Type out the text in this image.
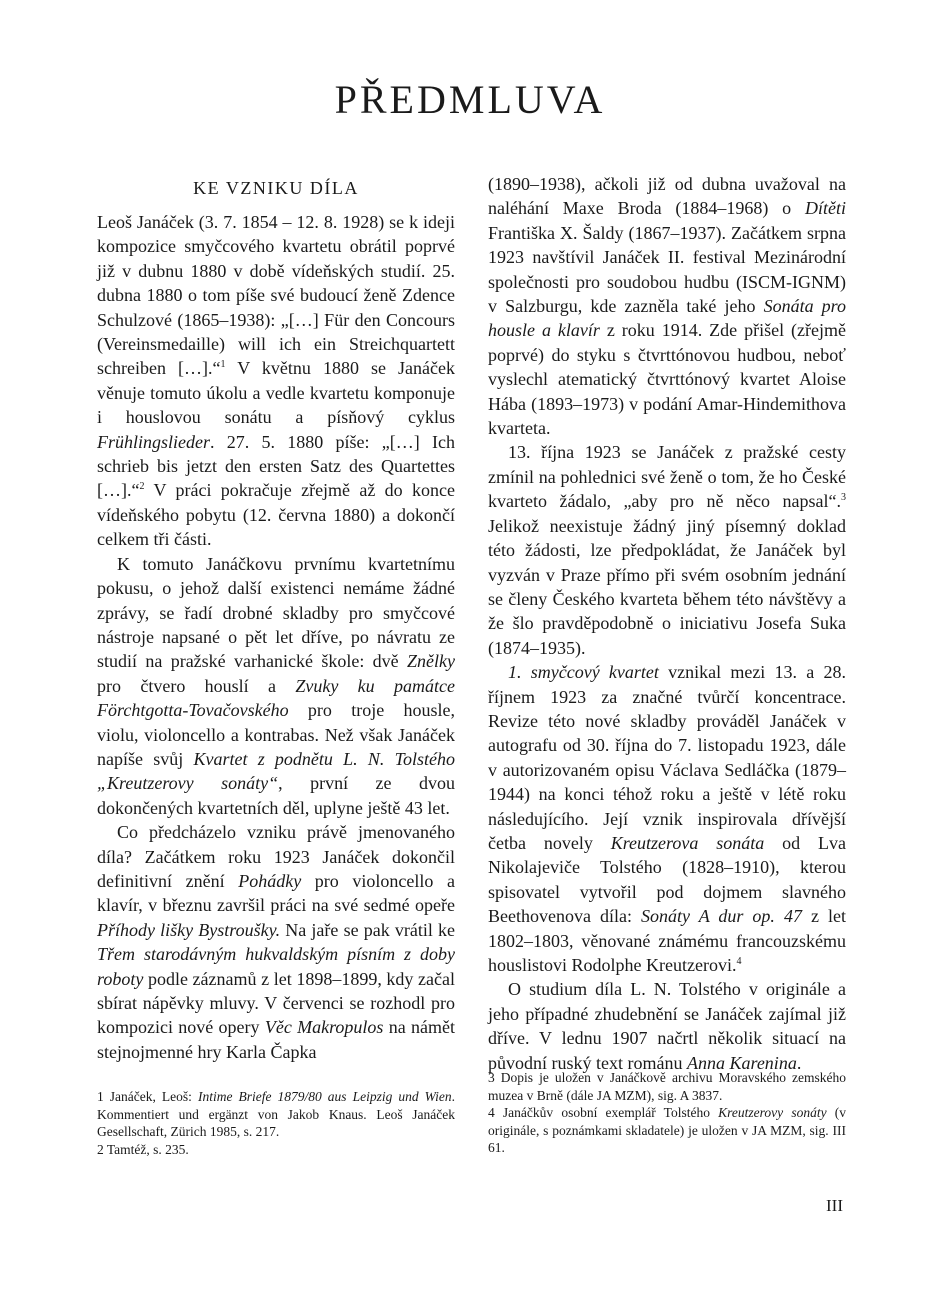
PŘEDMLUVA
KE VZNIKU DÍLA

Leoš Janáček (3. 7. 1854 – 12. 8. 1928) se k ideji kompozice smyčcového kvartetu obrátil poprvé již v dubnu 1880 v době vídeňských studií. 25. dubna 1880 o tom píše své budoucí ženě Zdence Schulzové (1865–1938): „[…] Für den Concours (Vereinsmedaille) will ich ein Streichquartett schreiben […].“$^1$ V květnu 1880 se Janáček věnuje tomuto úkolu a vedle kvartetu komponuje i houslovou sonátu a písňový cyklus Frühlingslieder. 27. 5. 1880 píše: „[…] Ich schrieb bis jetzt den ersten Satz des Quartettes […].“$^2$ V práci pokračuje zřejmě až do konce vídeňského pobytu (12. června 1880) a dokončí celkem tři části.

K tomuto Janáčkovu prvnímu kvartetnímu pokusu, o jehož další existenci nemáme žádné zprávy, se řadí drobné skladby pro smyčcové nástroje napsané o pět let dříve, po návratu ze studií na pražské varhanické škole: dvě Znělky pro čtvero houslí a Zvuky ku památce Förchtgotta-Tovačovského pro troje housle, violu, violoncello a kontrabas. Než však Janáček napíše svůj Kvartet z podnětu L. N. Tolstého „Kreutzerovy sonáty“, první ze dvou dokončených kvartetních děl, uplyne ještě 43 let.

Co předcházelo vzniku právě jmenovaného díla? Začátkem roku 1923 Janáček dokončil definitivní znění Pohádky pro violoncello a klavír, v březnu završil práci na své sedmé opeře Příhody lišky Bystroušky. Na jaře se pak vrátil ke Třem starodávným hukvaldským písním z doby roboty podle záznamů z let 1898–1899, kdy začal sbírat nápěvky mluvy. V červenci se rozhodl pro kompozici nové opery Věc Makropulos na námět stejnojmenné hry Karla Čapka

(1890–1938), ačkoli již od dubna uvažoval na naléhání Maxe Broda (1884–1968) o Dítěti Františka X. Šaldy (1867–1937). Začátkem srpna 1923 navštívil Janáček II. festival Mezinárodní společnosti pro soudobou hudbu (ISCM-IGNM) v Salzburgu, kde zazněla také jeho Sonáta pro housle a klavír z roku 1914. Zde přišel (zřejmě poprvé) do styku s čtvrttónovou hudbou, neboť vyslechl atematický čtvrttónový kvartet Aloise Hába (1893–1973) v podání Amar-Hindemithova kvarteta.

13. října 1923 se Janáček z pražské cesty zmínil na pohlednici své ženě o tom, že ho České kvarteto žádalo, „aby pro ně něco napsal“.$^3$ Jelikož neexistuje žádný jiný písemný doklad této žádosti, lze předpokládat, že Janáček byl vyzván v Praze přímo při svém osobním jednání se členy Českého kvarteta během této návštěvy a že šlo pravděpodobně o iniciativu Josefa Suka (1874–1935).

1. smyčcový kvartet vznikal mezi 13. a 28. říjnem 1923 za značné tvůrčí koncentrace. Revize této nové skladby prováděl Janáček v autografu od 30. října do 7. listopadu 1923, dále v autorizovaném opisu Václava Sedláčka (1879–1944) na konci téhož roku a ještě v létě roku následujícího. Její vznik inspirovala dřívější četba novely Kreutzerova sonáta od Lva Nikolajeviče Tolstého (1828–1910), kterou spisovatel vytvořil pod dojmem slavného Beethovenova díla: Sonáty A dur op. 47 z let 1802–1803, věnované známému francouzskému houslistovi Rodolphe Kreutzerovi.$^4$

O studium díla L. N. Tolstého v originále a jeho případné zhudebnění se Janáček zajímal již dříve. V lednu 1907 načrtl několik situací na původní ruský text románu Anna Karenina.

1 Janáček, Leoš: Intime Briefe 1879/80 aus Leipzig und Wien. Kommentiert und ergänzt von Jakob Knaus. Leoš Janáček Gesellschaft, Zürich 1985, s. 217.

2 Tamtéž, s. 235.

3 Dopis je uložen v Janáčkově archivu Moravského zemského muzea v Brně (dále JA MZM), sig. A 3837.

4 Janáčkův osobní exemplář Tolstého Kreutzerovy sonáty (v originále, s poznámkami skladatele) je uložen v JA MZM, sig. III 61.

III
